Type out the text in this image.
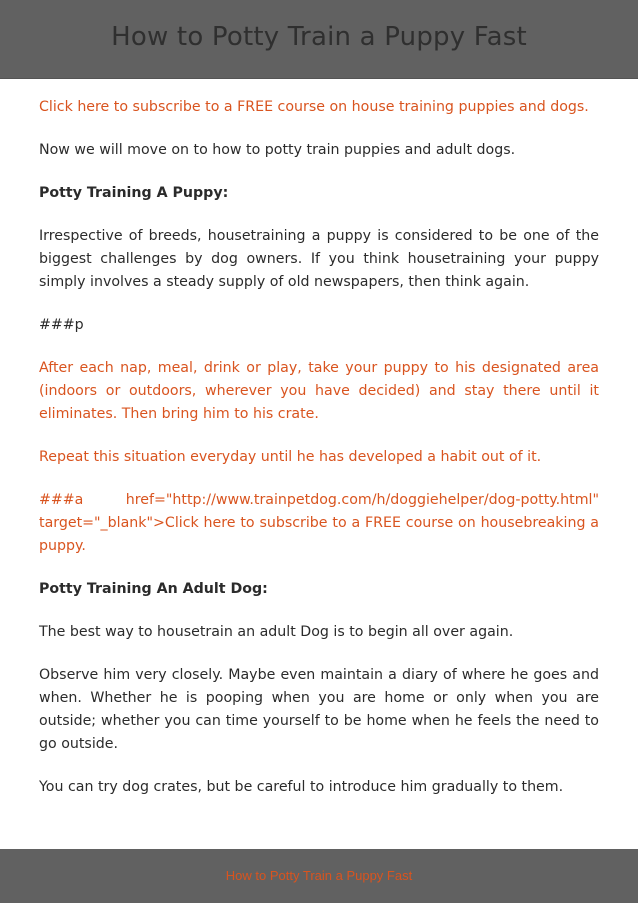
How to Potty Train a Puppy Fast

Click here to subscribe to a FREE course on house training puppies and dogs.

Now we will move on to how to potty train puppies and adult dogs.

Potty Training A Puppy:

Irrespective of breeds, housetraining a puppy is considered to be one of the biggest challenges by dog owners. If you think housetraining your puppy simply involves a steady supply of old newspapers, then think again.

###p

After each nap, meal, drink or play, take your puppy to his designated area (indoors or outdoors, wherever you have decided) and stay there until it eliminates. Then bring him to his crate.

Repeat this situation everyday until he has developed a habit out of it.

###a href="http://www.trainpetdog.com/h/doggiehelper/dog-potty.html" target="_blank">Click here to subscribe to a FREE course on housebreaking a puppy.

Potty Training An Adult Dog:

The best way to housetrain an adult Dog is to begin all over again.

Observe him very closely. Maybe even maintain a diary of where he goes and when. Whether he is pooping when you are home or only when you are outside; whether you can time yourself to be home when he feels the need to go outside.

You can try dog crates, but be careful to introduce him gradually to them.

How to Potty Train a Puppy Fast
